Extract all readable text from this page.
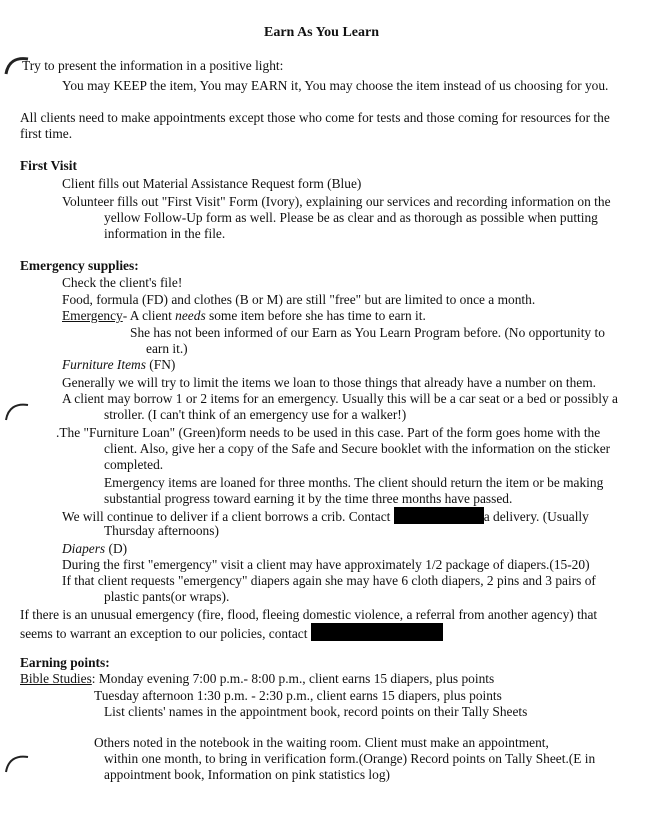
Earn As You Learn
Try to present the information in a positive light:
You may KEEP the item, You may EARN it, You may choose the item instead of us choosing for you.
All clients need to make appointments except those who come for tests and those coming for resources for the
first time.
First Visit
Client fills out Material Assistance Request form (Blue)
Volunteer fills out "First Visit" Form (Ivory), explaining our services and recording information on the
yellow Follow-Up form as well. Please be as clear and as thorough as possible when putting
information in the file.
Emergency supplies:
Check the client's file!
Food, formula (FD) and clothes (B or M) are still "free" but are limited to once a month.
Emergency- A client needs some item before she has time to earn it.
She has not been informed of our Earn as You Learn Program before. (No opportunity to
earn it.)
Furniture Items (FN)
Generally we will try to limit the items we loan to those things that already have a number on them.
A client may borrow 1 or 2 items for an emergency. Usually this will be a car seat or a bed or possibly a
stroller. (I can't think of an emergency use for a walker!)
.The "Furniture Loan" (Green)form needs to be used in this case. Part of the form goes home with the
client. Also, give her a copy of the Safe and Secure booklet with the information on the sticker
completed.
Emergency items are loaned for three months. The client should return the item or be making
substantial progress toward earning it by the time three months have passed.
We will continue to deliver if a client borrows a crib. Contact	a delivery. (Usually
Thursday afternoons)
Diapers (D)
During the first "emergency" visit a client may have approximately 1/2 package of diapers.(15-20)
If that client requests "emergency" diapers again she may have 6 cloth diapers, 2 pins and 3 pairs of
plastic pants(or wraps).
If there is an unusual emergency (fire, flood, fleeing domestic violence, a referral from another agency) that
seems to warrant an exception to our policies, contact
Earning points:
Bible Studies: Monday evening 7:00 p.m.- 8:00 p.m., client earns 15 diapers, plus points
Tuesday afternoon 1:30 p.m. - 2:30 p.m., client earns 15 diapers, plus points
List clients' names in the appointment book, record points on their Tally Sheets
Others noted in the notebook in the waiting room. Client must make an appointment,
within one month, to bring in verification form.(Orange) Record points on Tally Sheet.(E in
appointment book, Information on pink statistics log)
